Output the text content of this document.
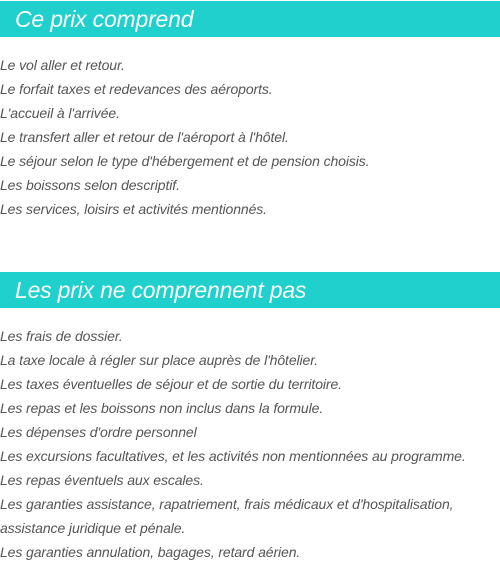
Ce prix comprend
Le vol aller et retour.
Le forfait taxes et redevances des aéroports.
L'accueil à l'arrivée.
Le transfert aller et retour de l'aéroport à l'hôtel.
Le séjour selon le type d'hébergement et de pension choisis.
Les boissons selon descriptif.
Les services, loisirs et activités mentionnés.
Les prix ne comprennent pas
Les frais de dossier.
La taxe locale à régler sur place auprès de l'hôtelier.
Les taxes éventuelles de séjour et de sortie du territoire.
Les repas et les boissons non inclus dans la formule.
Les dépenses d'ordre personnel
Les excursions facultatives, et les activités non mentionnées au programme.
Les repas éventuels aux escales.
Les garanties assistance, rapatriement, frais médicaux et d'hospitalisation,
assistance juridique et pénale.
Les garanties annulation, bagages, retard aérien.
